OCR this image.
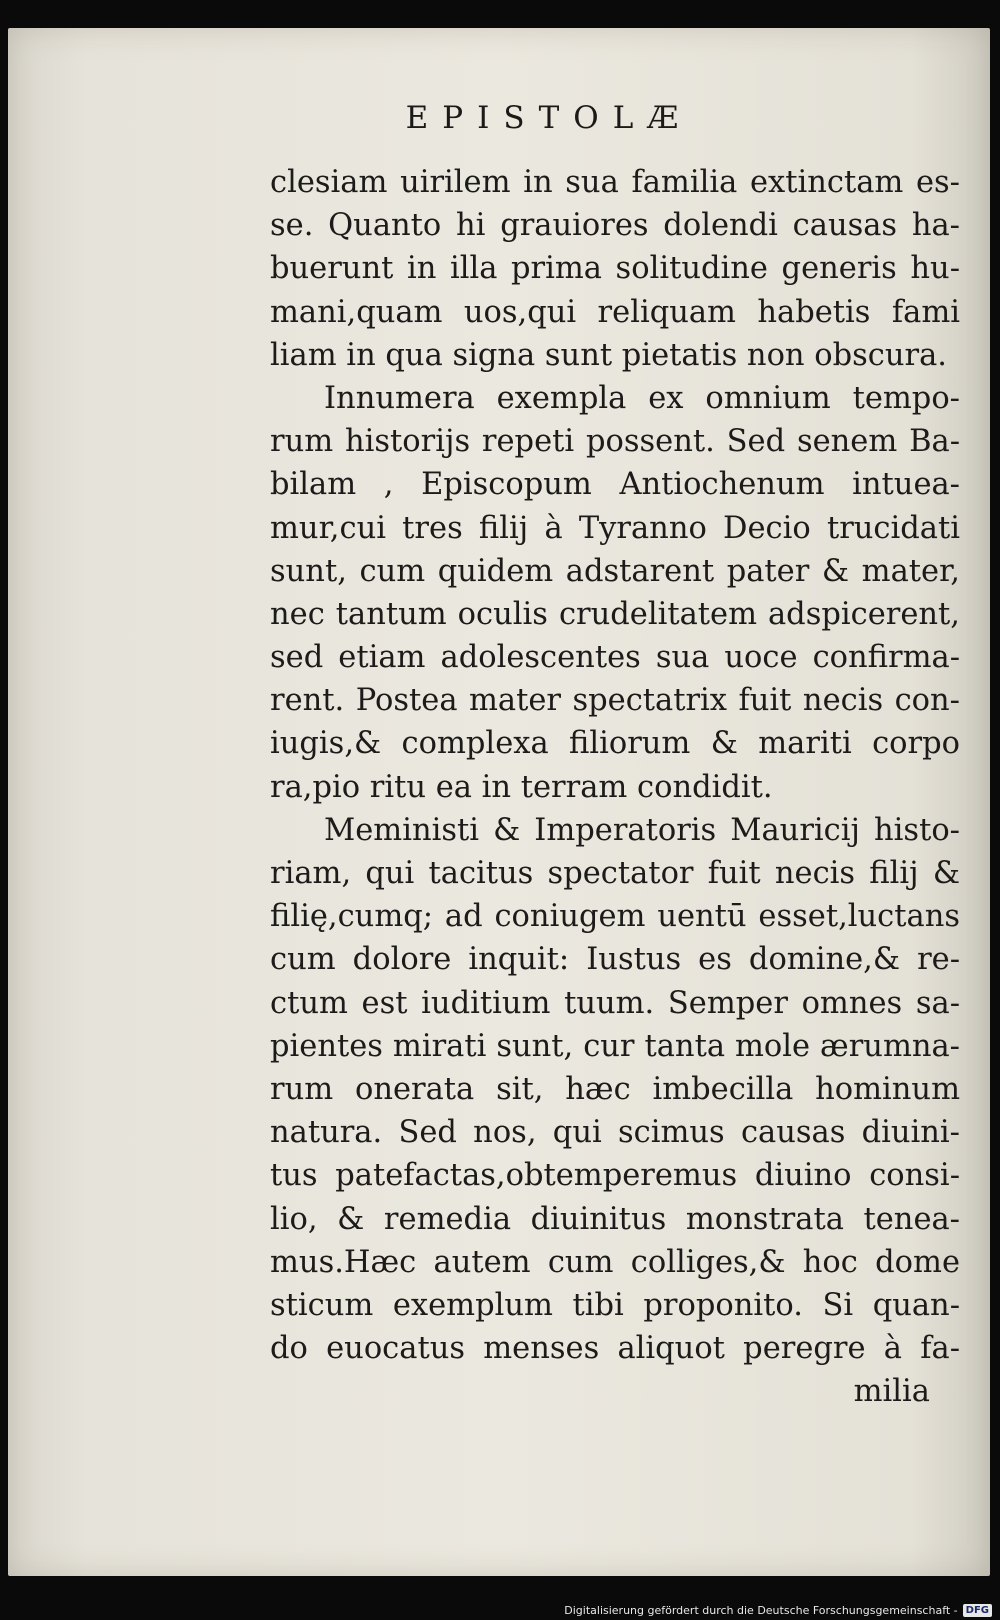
EPISTOLÆ
clesiam uirilem in sua familia extinctam es-
se. Quanto hi grauiores dolendi causas ha-
buerunt in illa prima solitudine generis hu-
mani,quam uos,qui reliquam habetis fami
liam in qua signa sunt pietatis non obscura.
Innumera exempla ex omnium tempo-
rum historijs repeti possent. Sed senem Ba-
bilam , Episcopum Antiochenum intuea-
mur,cui tres filij à Tyranno Decio trucidati
sunt, cum quidem adstarent pater & mater,
nec tantum oculis crudelitatem adspicerent,
sed etiam adolescentes sua uoce confirma-
rent. Postea mater spectatrix fuit necis con-
iugis,& complexa filiorum & mariti corpo
ra,pio ritu ea in terram condidit.
Meministi & Imperatoris Mauricij histo-
riam, qui tacitus spectator fuit necis filij &
filię,cumq; ad coniugem uentū esset,luctans
cum dolore inquit: Iustus es domine,& re-
ctum est iuditium tuum. Semper omnes sa-
pientes mirati sunt, cur tanta mole ærumna-
rum onerata sit, hæc imbecilla hominum
natura. Sed nos, qui scimus causas diuini-
tus patefactas,obtemperemus diuino consi-
lio, & remedia diuinitus monstrata tenea-
mus.Hæc autem cum colliges,& hoc dome
sticum exemplum tibi proponito. Si quan-
do euocatus menses aliquot peregre à fa-
milia
Digitalisierung gefördert durch die Deutsche Forschungsgemeinschaft - DFG
